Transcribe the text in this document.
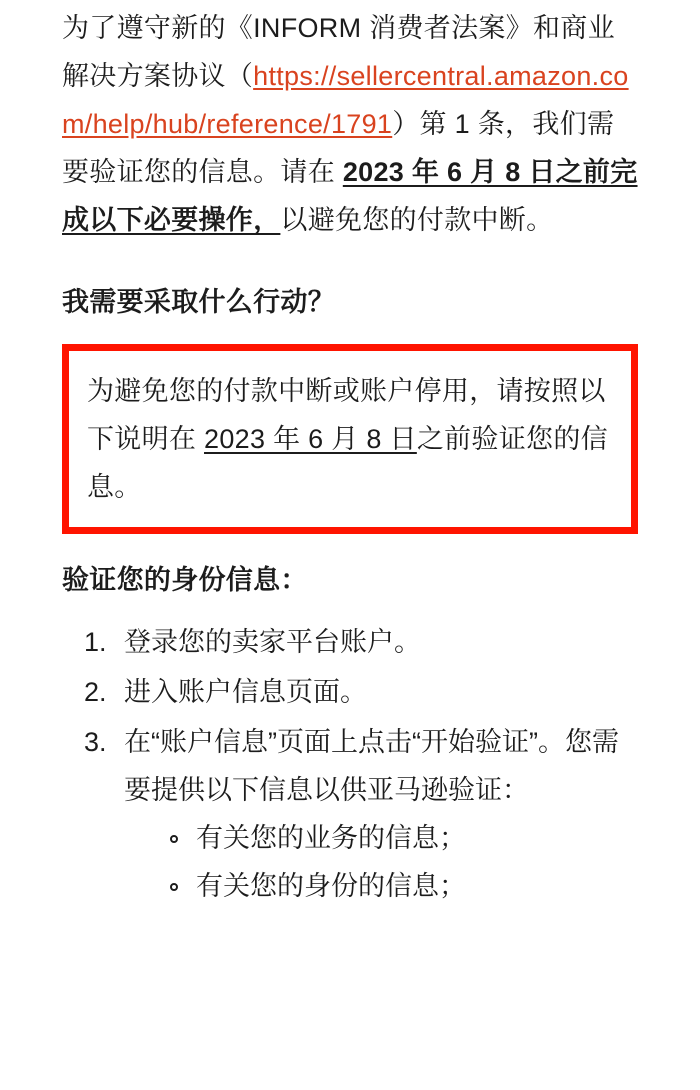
为了遵守新的《INFORM 消费者法案》和商业解决方案协议（https://sellercentral.amazon.com/help/hub/reference/1791）第 1 条，我们需要验证您的信息。请在 2023 年 6 月 8 日之前完成以下必要操作，以避免您的付款中断。

我需要采取什么行动？

为避免您的付款中断或账户停用，请按照以下说明在 2023 年 6 月 8 日之前验证您的信息。

验证您的身份信息：
1. 登录您的卖家平台账户。
2. 进入账户信息页面。
3. 在“账户信息”页面上点击“开始验证”。您需要提供以下信息以供亚马逊验证：
有关您的业务的信息；
有关您的身份的信息；
